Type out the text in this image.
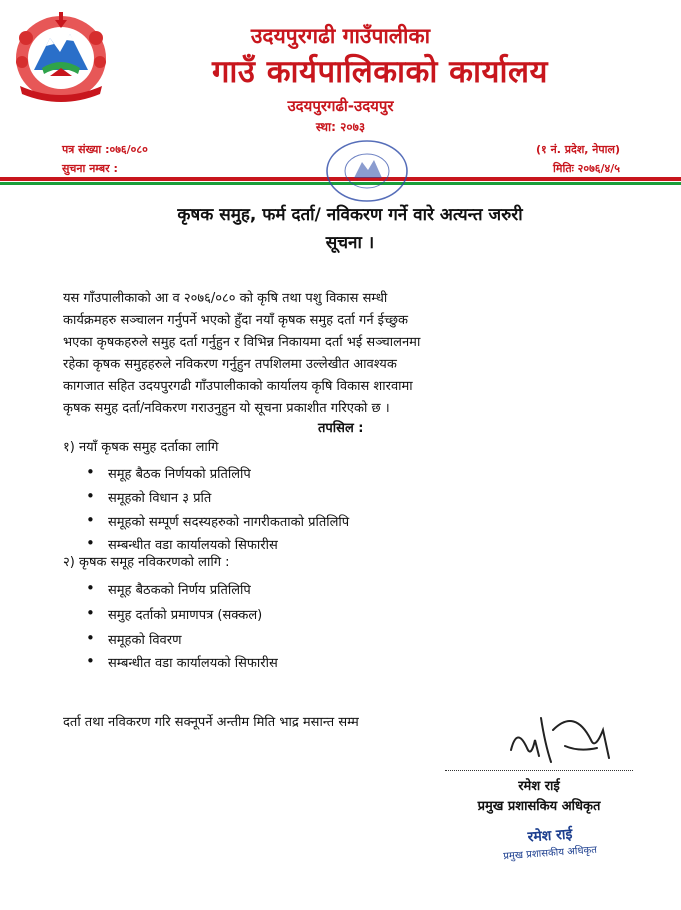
उदयपुरगढी गाउँपालीका
गाउँ कार्यपालिकाको कार्यालय
उदयपुरगढी-उदयपुर
स्था: २०७३
पत्र संख्या :०७६/०८०
सुचना नम्बर :
(१ नं. प्रदेश, नेपाल)
मितिः २०७६/४/५
कृषक समुह, फर्म दर्ता/ नविकरण गर्ने वारे अत्यन्त जरुरी
सूचना ।
यस गाँउपालीकाको आ व २०७६/०८० को कृषि तथा पशु विकास सम्धी
कार्यक्रमहरु सञ्चालन गर्नुपर्ने भएको हुँदा नयाँ कृषक समुह दर्ता गर्न ईच्छुक
भएका कृषकहरुले समुह दर्ता गर्नुहुन र विभिन्न निकायमा दर्ता भई सञ्चालनमा
रहेका कृषक समुहहरुले नविकरण गर्नुहुन तपशिलमा उल्लेखीत आवश्यक
कागजात सहित उदयपुरगढी गाँउपालीकाको कार्यालय कृषि विकास शारवामा
कृषक समुह दर्ता/नविकरण गराउनुहुन यो सूचना प्रकाशीत गरिएको छ ।
तपसिल :
१) नयाँ कृषक समुह दर्ताका लागि
• समूह बैठक निर्णयको प्रतिलिपि
• समूहको विधान ३ प्रति
• समूहको सम्पूर्ण सदस्यहरुको नागरीकताको प्रतिलिपि
• सम्बन्धीत वडा कार्यालयको सिफारीस
२) कृषक समूह नविकरणको लागि :
• समूह बैठकको निर्णय प्रतिलिपि
• समुह दर्ताको प्रमाणपत्र (सक्कल)
• समूहको विवरण
• सम्बन्धीत वडा कार्यालयको सिफारीस
दर्ता तथा नविकरण गरि सक्नूपर्ने अन्तीम मिति भाद्र मसान्त सम्म
रमेश राई
प्रमुख प्रशासकिय अधिकृत
रमेश राई
प्रमुख प्रशासकीय अधिकृत
